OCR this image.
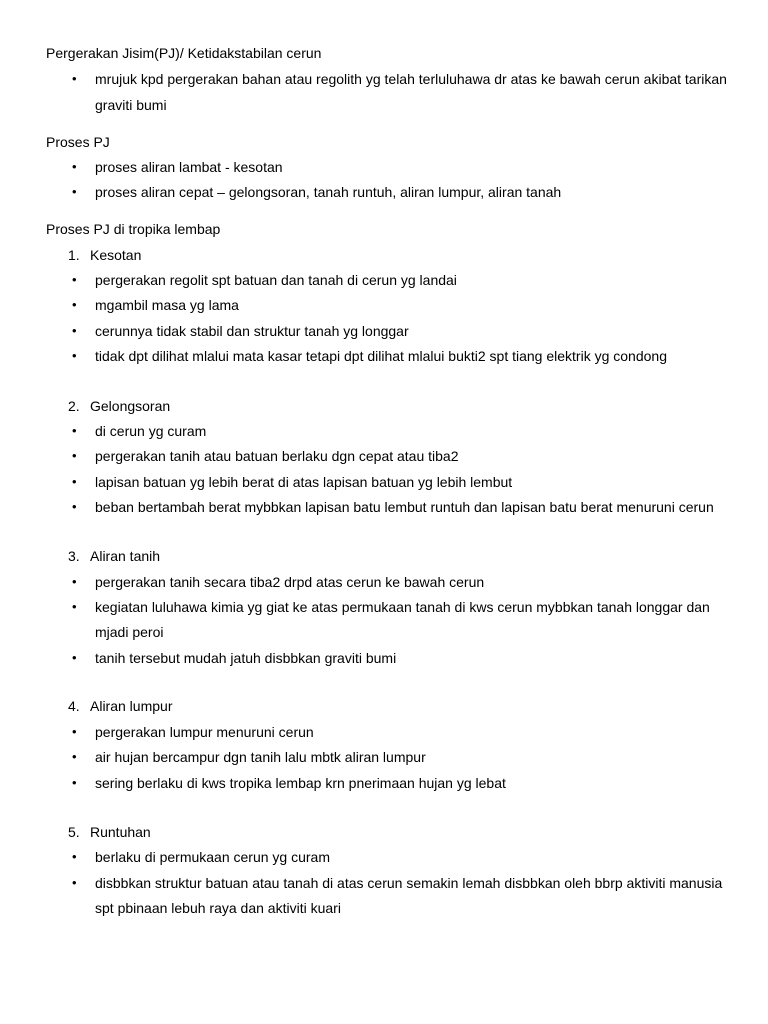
Pergerakan Jisim(PJ)/ Ketidakstabilan cerun
• mrujuk kpd pergerakan bahan atau regolith yg telah terluluhawa dr atas ke bawah cerun akibat tarikan
graviti bumi
Proses PJ
• proses aliran lambat - kesotan
• proses aliran cepat – gelongsoran, tanah runtuh, aliran lumpur, aliran tanah
Proses PJ di tropika lembap
1. Kesotan
• pergerakan regolit spt batuan dan tanah di cerun yg landai
• mgambil masa yg lama
• cerunnya tidak stabil dan struktur tanah yg longgar
• tidak dpt dilihat mlalui mata kasar tetapi dpt dilihat mlalui bukti2 spt tiang elektrik yg condong
2. Gelongsoran
• di cerun yg curam
• pergerakan tanih atau batuan berlaku dgn cepat atau tiba2
• lapisan batuan yg lebih berat di atas lapisan batuan yg lebih lembut
• beban bertambah berat mybbkan lapisan batu lembut runtuh dan lapisan batu berat menuruni cerun
3. Aliran tanih
• pergerakan tanih secara tiba2 drpd atas cerun ke bawah cerun
• kegiatan luluhawa kimia yg giat ke atas permukaan tanah di kws cerun mybbkan tanah longgar dan
mjadi peroi
• tanih tersebut mudah jatuh disbbkan graviti bumi
4. Aliran lumpur
• pergerakan lumpur menuruni cerun
• air hujan bercampur dgn tanih lalu mbtk aliran lumpur
• sering berlaku di kws tropika lembap krn pnerimaan hujan yg lebat
5. Runtuhan
• berlaku di permukaan cerun yg curam
• disbbkan struktur batuan atau tanah di atas cerun semakin lemah disbbkan oleh bbrp aktiviti manusia
spt pbinaan lebuh raya dan aktiviti kuari
